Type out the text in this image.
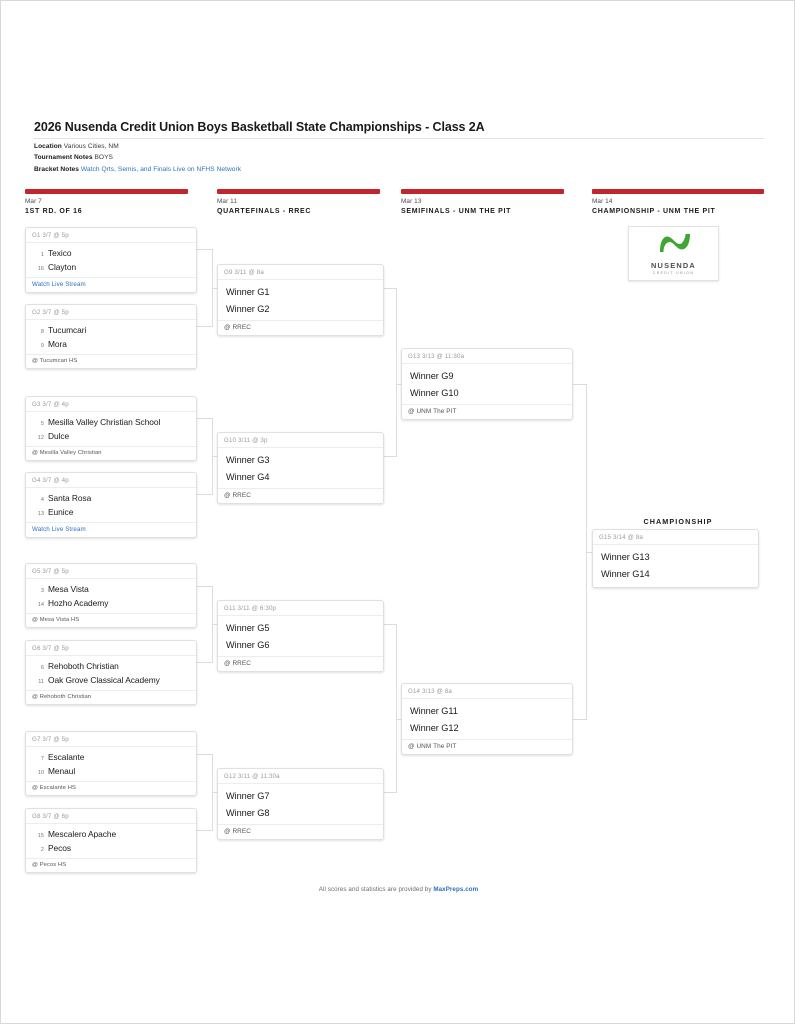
2026 Nusenda Credit Union Boys Basketball State Championships - Class 2A
Location Various Cities, NM
Tournament Notes BOYS
Bracket Notes Watch Qrts, Semis, and Finals Live on NFHS Network
Mar 7
1ST RD. OF 16
Mar 11
QUARTEFINALS - RREC
Mar 13
SEMIFINALS - UNM THE PIT
Mar 14
CHAMPIONSHIP - UNM THE PIT
G1 3/7 @ 5p
1 Texico
16 Clayton
Watch Live Stream
G2 3/7 @ 5p
8 Tucumcari
9 Mora
@ Tucumcari HS
G3 3/7 @ 4p
5 Mesilla Valley Christian School
12 Dulce
@ Mesilla Valley Christian
G4 3/7 @ 4p
4 Santa Rosa
13 Eunice
Watch Live Stream
G5 3/7 @ 5p
3 Mesa Vista
14 Hozho Academy
@ Mesa Vista HS
G6 3/7 @ 5p
6 Rehoboth Christian
11 Oak Grove Classical Academy
@ Rehoboth Christian
G7 3/7 @ 5p
7 Escalante
10 Menaul
@ Escalante HS
G8 3/7 @ 6p
15 Mescalero Apache
2 Pecos
@ Pecos HS
G9 3/11 @ 8a
Winner G1
Winner G2
@ RREC
G10 3/11 @ 3p
Winner G3
Winner G4
@ RREC
G11 3/11 @ 6:30p
Winner G5
Winner G6
@ RREC
G12 3/11 @ 11:30a
Winner G7
Winner G8
@ RREC
G13 3/13 @ 11:30a
Winner G9
Winner G10
@ UNM The PIT
G14 3/13 @ 8a
Winner G11
Winner G12
@ UNM The PIT
CHAMPIONSHIP
G15 3/14 @ 8a
Winner G13
Winner G14
NUSENDA
CREDIT UNION
All scores and statistics are provided by MaxPreps.com
